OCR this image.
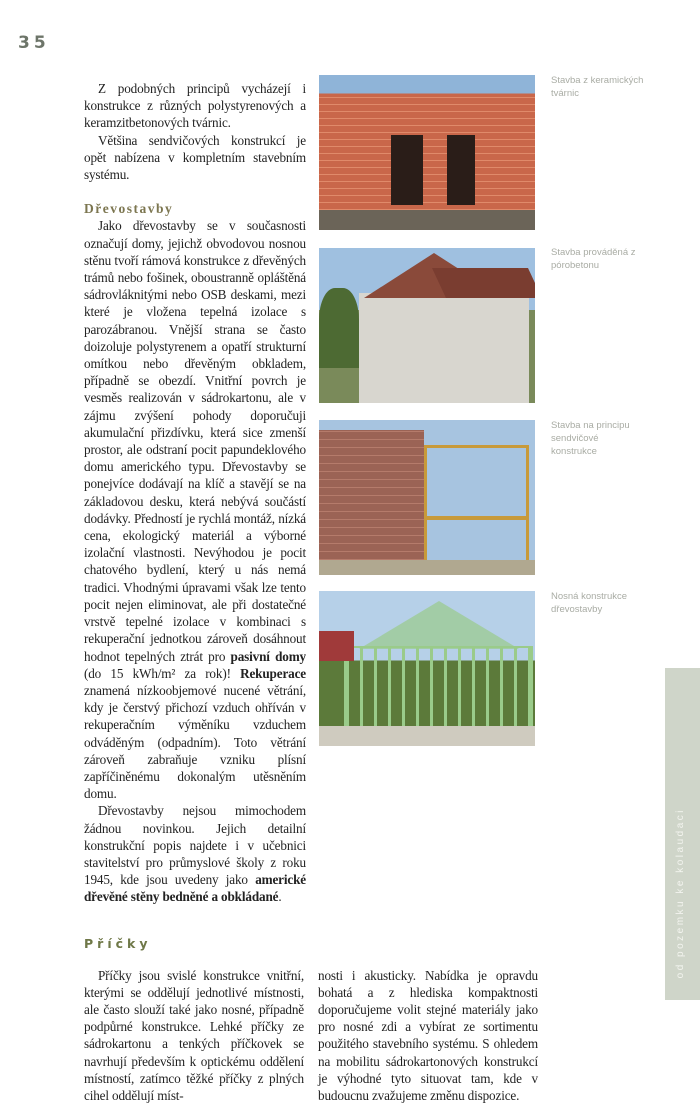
35

Z podobných principů vycházejí i konstrukce z různých polystyrenových a keramzitbetonových tvárnic.

Většina sendvičových konstrukcí je opět nabízena v kompletním stavebním systému.

Dřevostavby

Jako dřevostavby se v současnosti označují domy, jejichž obvodovou nosnou stěnu tvoří rámová konstrukce z dřevěných trámů nebo fošinek, oboustranně opláštěná sádrovláknitými nebo OSB deskami, mezi které je vložena tepelná izolace s parozábranou. Vnější strana se často doizoluje polystyrenem a opatří strukturní omítkou nebo dřevěným obkladem, případně se obezdí. Vnitřní povrch je vesměs realizován v sádrokartonu, ale v zájmu zvýšení pohody doporučuji akumulační přizdívku, která sice zmenší prostor, ale odstraní pocit papundeklového domu amerického typu. Dřevostavby se ponejvíce dodávají na klíč a stavějí se na základovou desku, která nebývá součástí dodávky. Předností je rychlá montáž, nízká cena, ekologický materiál a výborné izolační vlastnosti. Nevýhodou je pocit chatového bydlení, který u nás nemá tradici. Vhodnými úpravami však lze tento pocit nejen eliminovat, ale při dostatečné vrstvě tepelné izolace v kombinaci s rekuperační jednotkou zároveň dosáhnout hodnot tepelných ztrát pro pasivní domy (do 15 kWh/m² za rok)! Rekuperace znamená nízkoobjemové nucené větrání, kdy je čerstvý přichozí vzduch ohříván v rekuperačním výměníku vzduchem odváděným (odpadním). Toto větrání zároveň zabraňuje vzniku plísní zapříčiněnému dokonalým utěsněním domu.

Dřevostavby nejsou mimochodem žádnou novinkou. Jejich detailní konstrukční popis najdete i v učebnici stavitelství pro průmyslové školy z roku 1945, kde jsou uvedeny jako americké dřevěné stěny bedněné a obkládané.

Příčky

Příčky jsou svislé konstrukce vnitřní, kterými se oddělují jednotlivé místnosti, ale často slouží také jako nosné, případně podpůrné konstrukce. Lehké příčky ze sádrokartonu a tenkých příčkovek se navrhují především k optickému oddělení místností, zatímco těžké příčky z plných cihel oddělují míst-

nosti i akusticky. Nabídka je opravdu bohatá a z hlediska kompaktnosti doporučujeme volit stejné materiály jako pro nosné zdi a vybírat ze sortimentu použitého stavebního systému. S ohledem na mobilitu sádrokartonových konstrukcí je výhodné tyto situovat tam, kde v budoucnu zvažujeme změnu dispozice.

Stavba z keramických tvárnic
Stavba prováděná z pórobetonu
Stavba na principu sendvičové konstrukce
Nosná konstrukce dřevostavby
od pozemku ke kolaudaci
